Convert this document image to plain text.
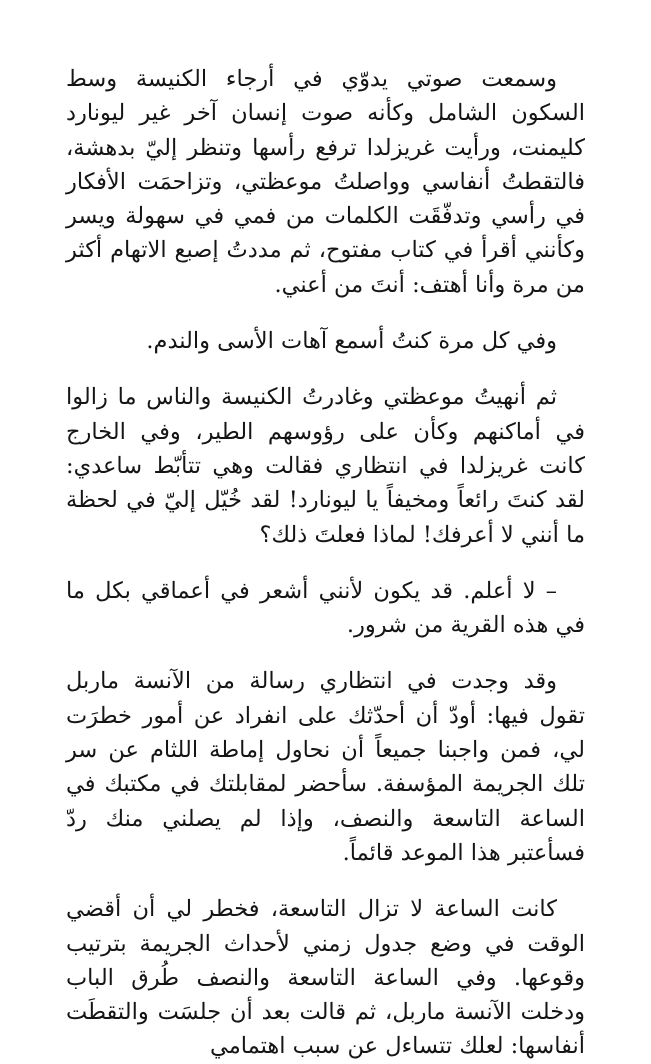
وسمعت صوتي يدوّي في أرجاء الكنيسة وسط السكون الشامل وكأنه صوت إنسان آخر غير ليونارد كليمنت، ورأيت غريزلدا ترفع رأسها وتنظر إليّ بدهشة، فالتقطتُ أنفاسي وواصلتُ موعظتي، وتزاحمَت الأفكار في رأسي وتدفّقَت الكلمات من فمي في سهولة ويسر وكأنني أقرأ في كتاب مفتوح، ثم مددتُ إصبع الاتهام أكثر من مرة وأنا أهتف: أنتَ من أعني.

وفي كل مرة كنتُ أسمع آهات الأسى والندم.

ثم أنهيتُ موعظتي وغادرتُ الكنيسة والناس ما زالوا في أماكنهم وكأن على رؤوسهم الطير، وفي الخارج كانت غريزلدا في انتظاري فقالت وهي تتأبّط ساعدي: لقد كنتَ رائعاً ومخيفاً يا ليونارد! لقد خُيّل إليّ في لحظة ما أنني لا أعرفك! لماذا فعلتَ ذلك؟

– لا أعلم. قد يكون لأنني أشعر في أعماقي بكل ما في هذه القرية من شرور.

وقد وجدت في انتظاري رسالة من الآنسة ماربل تقول فيها: أودّ أن أحدّثك على انفراد عن أمور خطرَت لي، فمن واجبنا جميعاً أن نحاول إماطة اللثام عن سر تلك الجريمة المؤسفة. سأحضر لمقابلتك في مكتبك في الساعة التاسعة والنصف، وإذا لم يصلني منك ردّ فسأعتبر هذا الموعد قائماً.

كانت الساعة لا تزال التاسعة، فخطر لي أن أقضي الوقت في وضع جدول زمني لأحداث الجريمة بترتيب وقوعها. وفي الساعة التاسعة والنصف طُرق الباب ودخلت الآنسة ماربل، ثم قالت بعد أن جلسَت والتقطَت أنفاسها: لعلك تتساءل عن سبب اهتمامي
